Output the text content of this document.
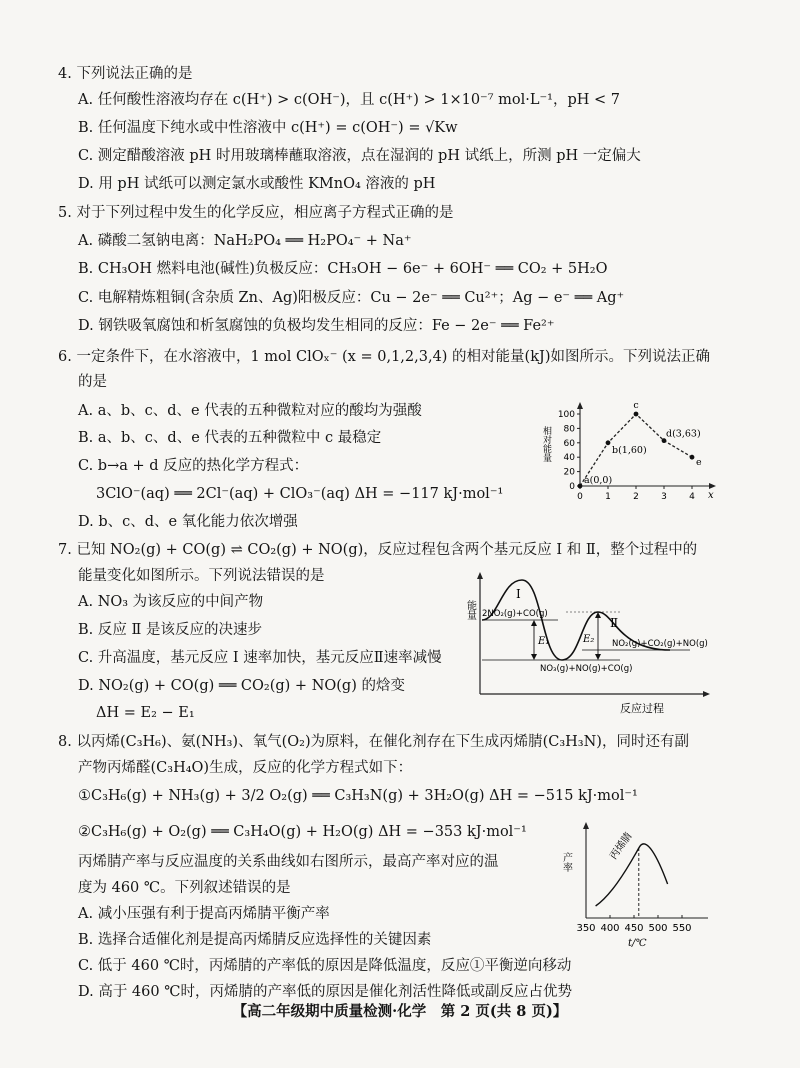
4. 下列说法正确的是
A. 任何酸性溶液均存在 c(H⁺) > c(OH⁻)，且 c(H⁺) > 1×10⁻⁷ mol·L⁻¹，pH < 7
B. 任何温度下纯水或中性溶液中 c(H⁺) = c(OH⁻) = √Kw
C. 测定醋酸溶液 pH 时用玻璃棒蘸取溶液，点在湿润的 pH 试纸上，所测 pH 一定偏大
D. 用 pH 试纸可以测定氯水或酸性 KMnO₄ 溶液的 pH
5. 对于下列过程中发生的化学反应，相应离子方程式正确的是
A. 磷酸二氢钠电离：NaH₂PO₄ ══ H₂PO₄⁻ + Na⁺
B. CH₃OH 燃料电池(碱性)负极反应：CH₃OH − 6e⁻ + 6OH⁻ ══ CO₂ + 5H₂O
C. 电解精炼粗铜(含杂质 Zn、Ag)阳极反应：Cu − 2e⁻ ══ Cu²⁺；Ag − e⁻ ══ Ag⁺
D. 钢铁吸氧腐蚀和析氢腐蚀的负极均发生相同的反应：Fe − 2e⁻ ══ Fe²⁺
6. 一定条件下，在水溶液中，1 mol ClOₓ⁻ (x = 0,1,2,3,4) 的相对能量(kJ)如图所示。下列说法正确
的是
A. a、b、c、d、e 代表的五种微粒对应的酸均为强酸
B. a、b、c、d、e 代表的五种微粒中 c 最稳定
C. b→a + d 反应的热化学方程式：
3ClO⁻(aq) ══ 2Cl⁻(aq) + ClO₃⁻(aq) ΔH = −117 kJ·mol⁻¹
D. b、c、d、e 氧化能力依次增强
x
相对能量
0
20
40
60
80
100
0 1 2 3 4
a(0,0)
b(1,60)
c
d(3,63)
e
7. 已知 NO₂(g) + CO(g) ⇌ CO₂(g) + NO(g)，反应过程包含两个基元反应 Ⅰ 和 Ⅱ，整个过程中的
能量变化如图所示。下列说法错误的是
A. NO₃ 为该反应的中间产物
B. 反应 Ⅱ 是该反应的决速步
C. 升高温度，基元反应 Ⅰ 速率加快，基元反应Ⅱ速率减慢
D. NO₂(g) + CO(g) ══ CO₂(g) + NO(g) 的焓变
ΔH = E₂ − E₁
能量
反应过程
Ⅰ
Ⅱ
E₁	E₂
2NO₂(g)+CO(g)
NO₃(g)+NO(g)+CO(g)
NO₂(g)+CO₂(g)+NO(g)
8. 以丙烯(C₃H₆)、氨(NH₃)、氧气(O₂)为原料，在催化剂存在下生成丙烯腈(C₃H₃N)，同时还有副
产物丙烯醛(C₃H₄O)生成，反应的化学方程式如下：
①C₃H₆(g) + NH₃(g) + 3/2 O₂(g) ══ C₃H₃N(g) + 3H₂O(g) ΔH = −515 kJ·mol⁻¹
②C₃H₆(g) + O₂(g) ══ C₃H₄O(g) + H₂O(g) ΔH = −353 kJ·mol⁻¹
丙烯腈产率与反应温度的关系曲线如右图所示，最高产率对应的温
度为 460 ℃。下列叙述错误的是
A. 减小压强有利于提高丙烯腈平衡产率
B. 选择合适催化剂是提高丙烯腈反应选择性的关键因素
C. 低于 460 ℃时，丙烯腈的产率低的原因是降低温度，反应①平衡逆向移动
D. 高于 460 ℃时，丙烯腈的产率低的原因是催化剂活性降低或副反应占优势
产率
350 400 450 500 550
t/℃
丙烯腈
【高二年级期中质量检测·化学　第 2 页(共 8 页)】
